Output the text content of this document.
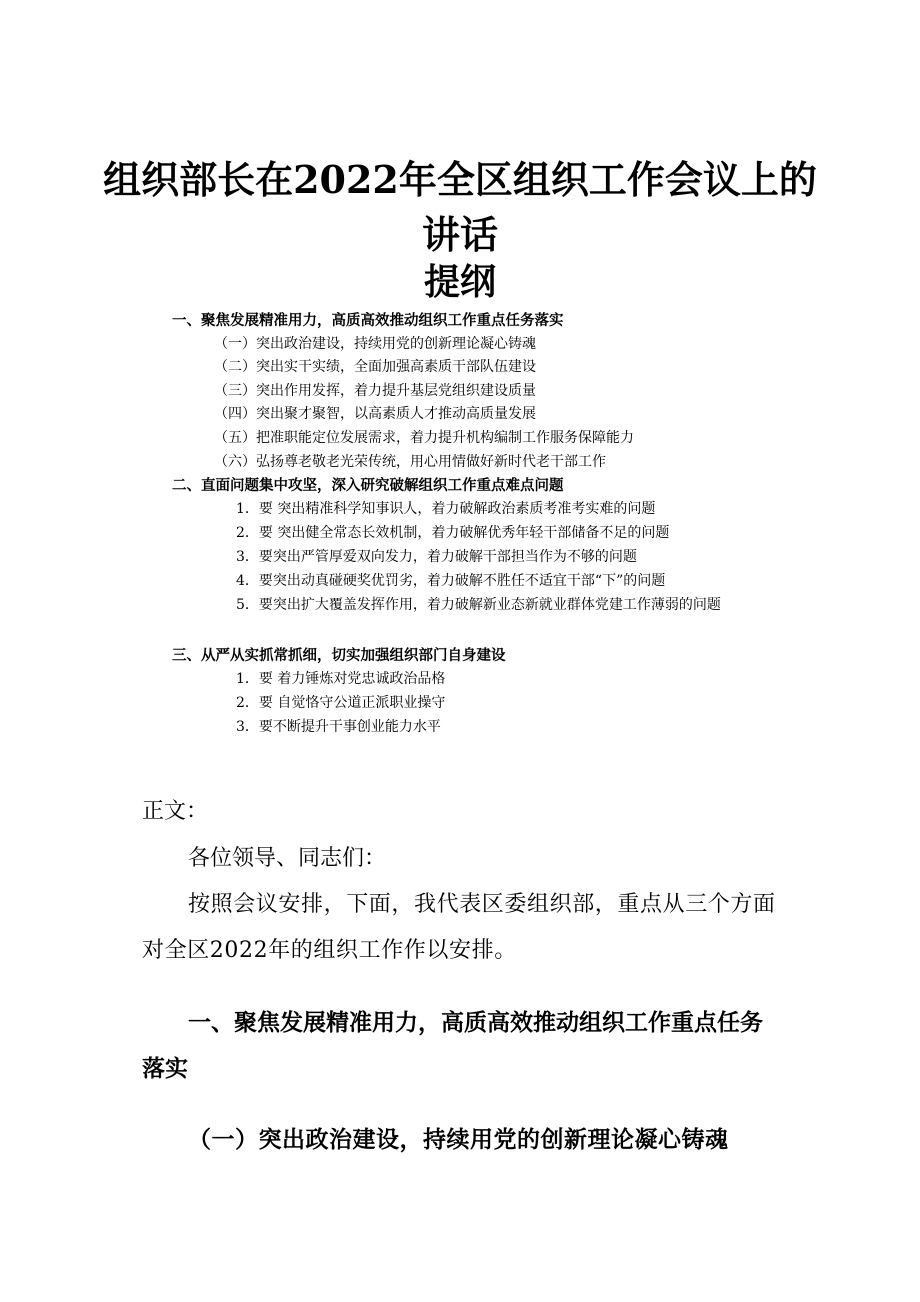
组织部长在2022年全区组织工作会议上的
讲话
提纲
一、聚焦发展精准用力，高质高效推动组织工作重点任务落实
（一）突出政治建设，持续用党的创新理论凝心铸魂
（二）突出实干实绩，全面加强高素质干部队伍建设
（三）突出作用发挥，着力提升基层党组织建设质量
（四）突出聚才聚智，以高素质人才推动高质量发展
（五）把准职能定位发展需求，着力提升机构编制工作服务保障能力
（六）弘扬尊老敬老光荣传统，用心用情做好新时代老干部工作
二、直面问题集中攻坚，深入研究破解组织工作重点难点问题
1．要 突出精准科学知事识人，着力破解政治素质考准考实难的问题
2．要 突出健全常态长效机制，着力破解优秀年轻干部储备不足的问题
3．要突出严管厚爱双向发力，着力破解干部担当作为不够的问题
4．要突出动真碰硬奖优罚劣，着力破解不胜任不适宜干部“下”的问题
5．要突出扩大覆盖发挥作用，着力破解新业态新就业群体党建工作薄弱的问题
三、从严从实抓常抓细，切实加强组织部门自身建设
1．要 着力锤炼对党忠诚政治品格
2．要 自觉恪守公道正派职业操守
3．要不断提升干事创业能力水平
正文：
各位领导、同志们：
按照会议安排，下面，我代表区委组织部，重点从三个方面对全区2022年的组织工作作以安排。
一、聚焦发展精准用力，高质高效推动组织工作重点任务落实
（一）突出政治建设，持续用党的创新理论凝心铸魂
